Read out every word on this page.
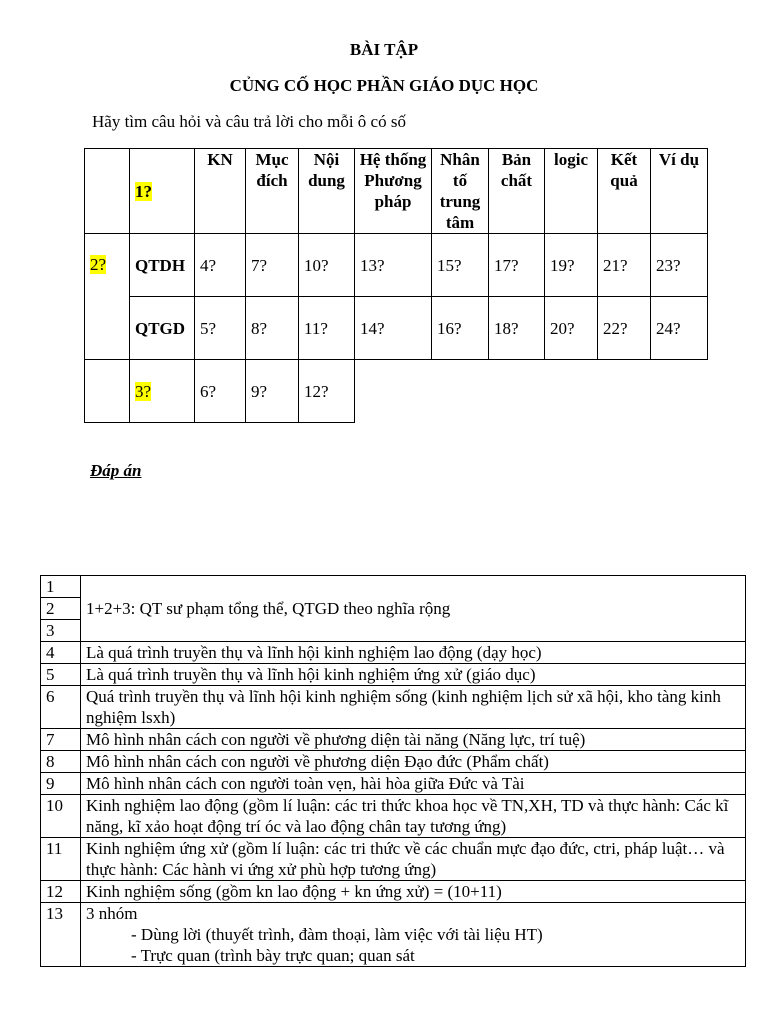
BÀI TẬP
CỦNG CỐ HỌC PHẦN GIÁO DỤC HỌC
Hãy tìm câu hỏi và câu trả lời cho mỗi ô có số
	1?	KN	Mục đích	Nội dung	Hệ thống Phương pháp	Nhân tố trung tâm	Bản chất	logic	Kết quả	Ví dụ

2?	QTDH	4?	7?	10?	13?	15?	17?	19?	21?	23?
	QTGD	5?	8?	11?	14?	16?	18?	20?	22?	24?
	3?	6?	9?	12?						
Đáp án
1	1+2+3: QT sư phạm tổng thể, QTGD theo nghĩa rộng
2	
3	
4	Là quá trình truyền thụ và lĩnh hội kinh nghiệm lao động (dạy học)
5	Là quá trình truyền thụ và lĩnh hội kinh nghiệm ứng xử (giáo dục)
6	Quá trình truyền thụ và lĩnh hội kinh nghiệm sống (kinh nghiệm lịch sử xã hội, kho tàng kinh nghiệm lsxh)
7	Mô hình nhân cách con người về phương diện tài năng (Năng lực, trí tuệ)
8	Mô hình nhân cách con người về phương diện Đạo đức (Phẩm chất)
9	Mô hình nhân cách con người toàn vẹn, hài hòa giữa Đức và Tài
10	Kinh nghiệm lao động (gồm lí luận: các tri thức khoa học về TN,XH, TD và thực hành: Các kĩ năng, kĩ xảo hoạt động trí óc và lao động chân tay tương ứng)
11	Kinh nghiệm ứng xử (gồm lí luận: các tri thức về các chuẩn mực đạo đức, ctri, pháp luật… và thực hành: Các hành vi ứng xử phù hợp tương ứng)
12	Kinh nghiệm sống (gồm kn lao động + kn ứng xử) = (10+11)
13	3 nhóm
- Dùng lời (thuyết trình, đàm thoại, làm việc với tài liệu HT)
- Trực quan (trình bày trực quan; quan sát
